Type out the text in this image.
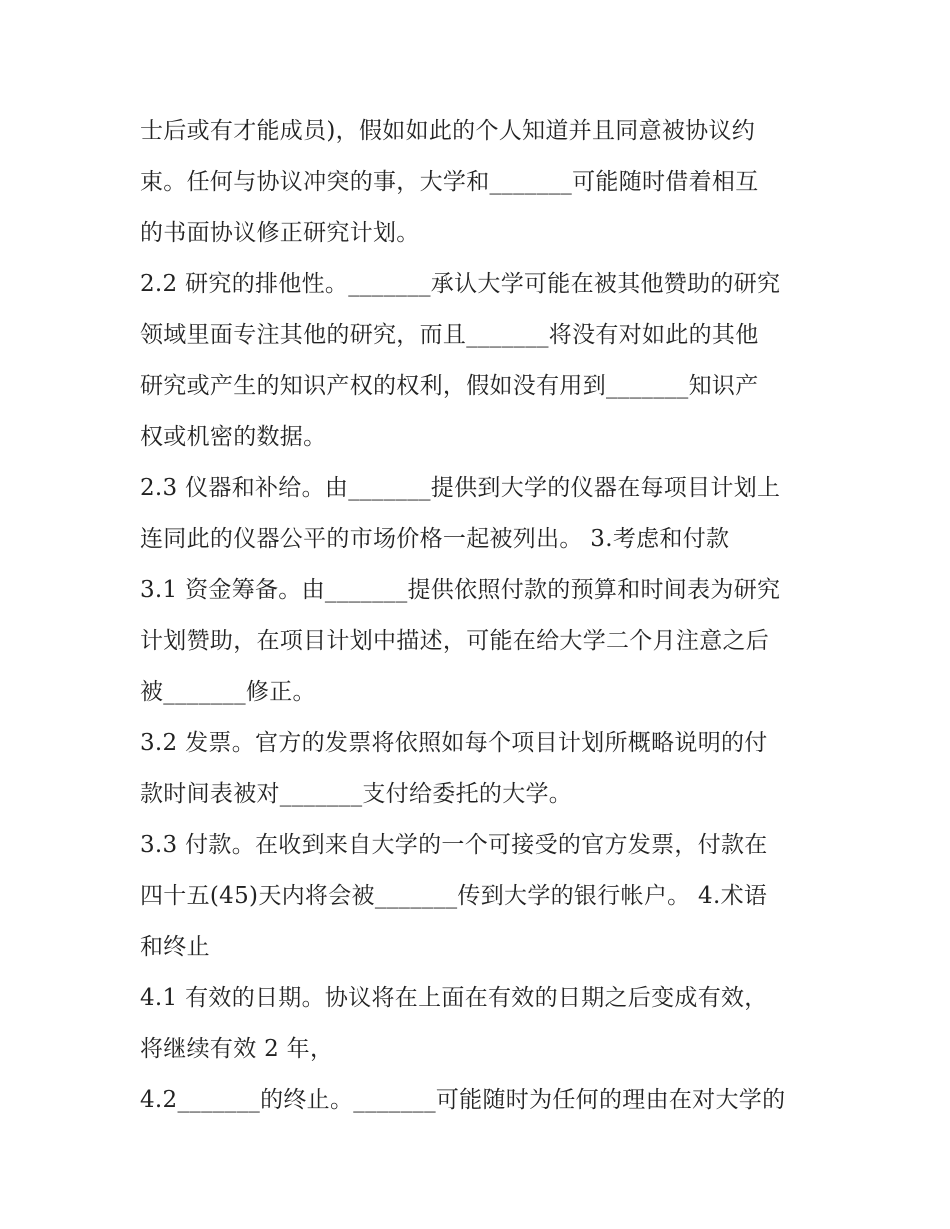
士后或有才能成员)，假如如此的个人知道并且同意被协议约
束。任何与协议冲突的事，大学和_______可能随时借着相互
的书面协议修正研究计划。
2.2 研究的排他性。_______承认大学可能在被其他赞助的研究
领域里面专注其他的研究，而且_______将没有对如此的其他
研究或产生的知识产权的权利，假如没有用到_______知识产
权或机密的数据。
2.3 仪器和补给。由_______提供到大学的仪器在每项目计划上
连同此的仪器公平的市场价格一起被列出。 3.考虑和付款
3.1 资金筹备。由_______提供依照付款的预算和时间表为研究
计划赞助，在项目计划中描述，可能在给大学二个月注意之后
被_______修正。
3.2 发票。官方的发票将依照如每个项目计划所概略说明的付
款时间表被对_______支付给委托的大学。
3.3 付款。在收到来自大学的一个可接受的官方发票，付款在
四十五(45)天内将会被_______传到大学的银行帐户。 4.术语
和终止
4.1 有效的日期。协议将在上面在有效的日期之后变成有效，
将继续有效 2 年，
4.2_______的终止。_______可能随时为任何的理由在对大学的
